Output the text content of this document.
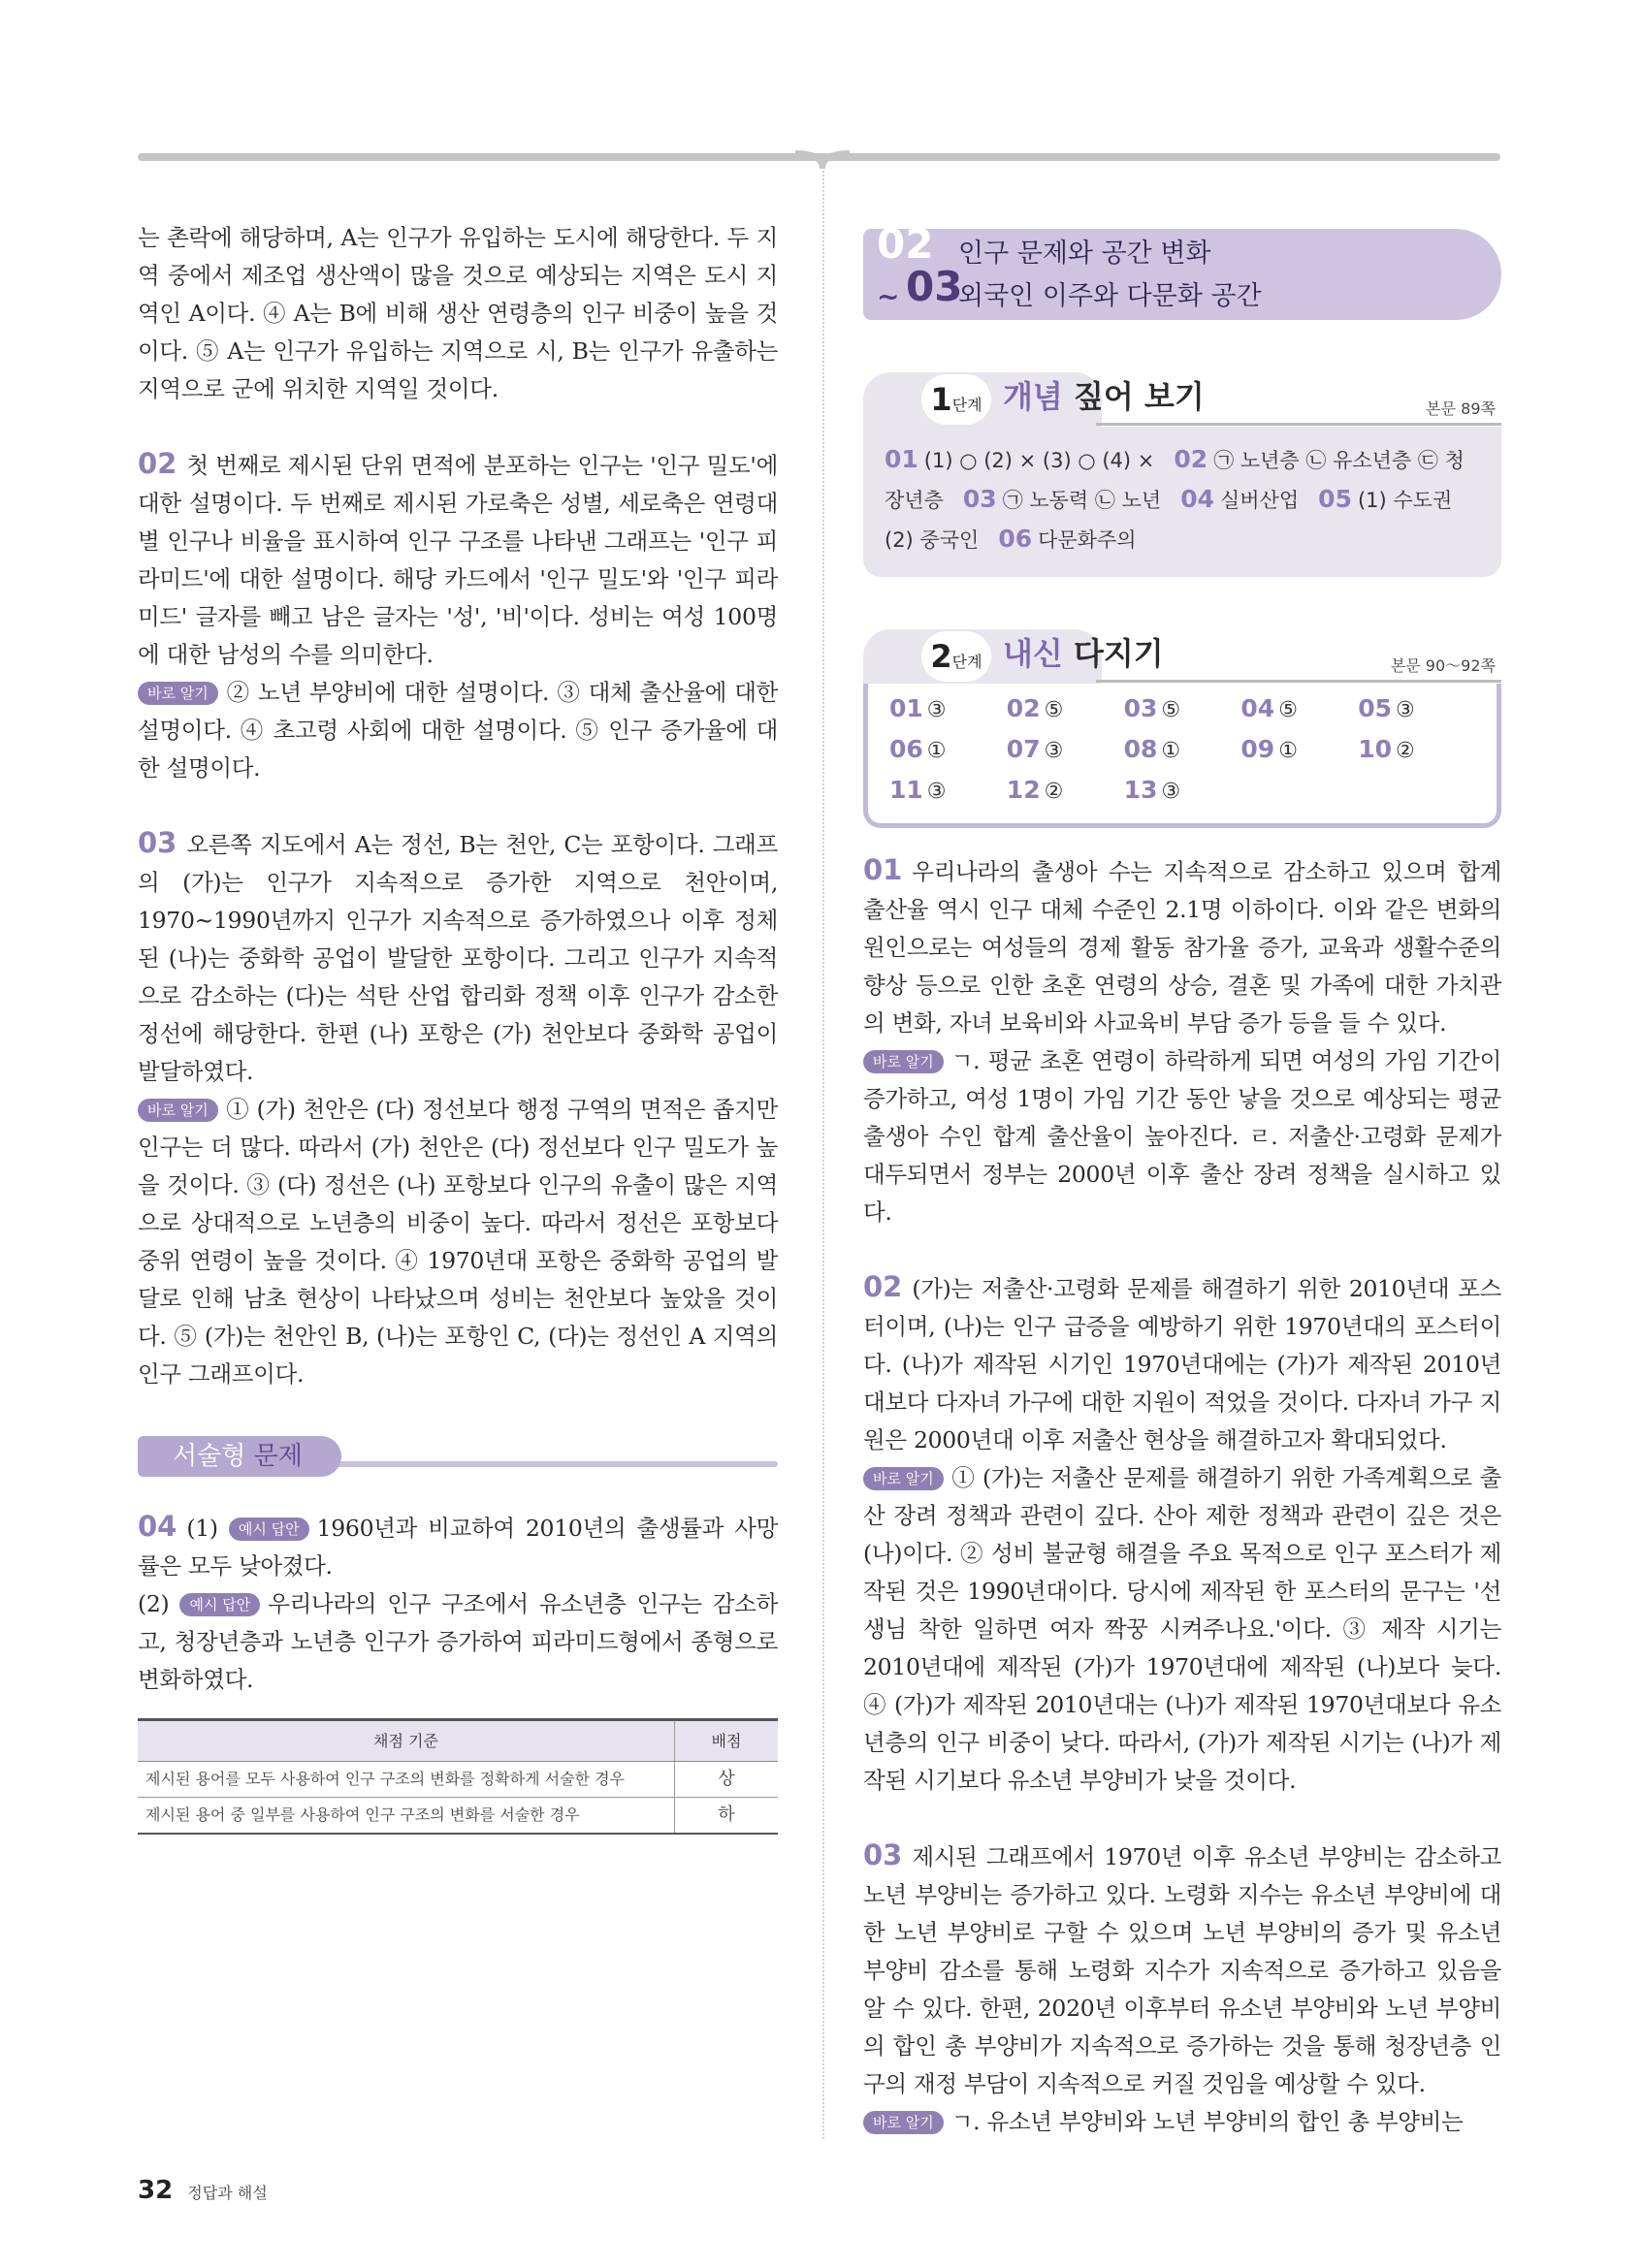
는 촌락에 해당하며, A는 인구가 유입하는 도시에 해당한다. 두 지역 중에서 제조업 생산액이 많을 것으로 예상되는 지역은 도시 지역인 A이다. ④ A는 B에 비해 생산 연령층의 인구 비중이 높을 것이다. ⑤ A는 인구가 유입하는 지역으로 시, B는 인구가 유출하는 지역으로 군에 위치한 지역일 것이다.

02 첫 번째로 제시된 단위 면적에 분포하는 인구는 '인구 밀도'에 대한 설명이다. 두 번째로 제시된 가로축은 성별, 세로축은 연령대별 인구나 비율을 표시하여 인구 구조를 나타낸 그래프는 '인구 피라미드'에 대한 설명이다. 해당 카드에서 '인구 밀도'와 '인구 피라미드' 글자를 빼고 남은 글자는 '성', '비'이다. 성비는 여성 100명에 대한 남성의 수를 의미한다.

바로 알기 ② 노년 부양비에 대한 설명이다. ③ 대체 출산율에 대한 설명이다. ④ 초고령 사회에 대한 설명이다. ⑤ 인구 증가율에 대한 설명이다.

03 오른쪽 지도에서 A는 정선, B는 천안, C는 포항이다. 그래프의 (가)는 인구가 지속적으로 증가한 지역으로 천안이며, 1970~1990년까지 인구가 지속적으로 증가하였으나 이후 정체된 (나)는 중화학 공업이 발달한 포항이다. 그리고 인구가 지속적으로 감소하는 (다)는 석탄 산업 합리화 정책 이후 인구가 감소한 정선에 해당한다. 한편 (나) 포항은 (가) 천안보다 중화학 공업이 발달하였다.

바로 알기 ① (가) 천안은 (다) 정선보다 행정 구역의 면적은 좁지만 인구는 더 많다. 따라서 (가) 천안은 (다) 정선보다 인구 밀도가 높을 것이다. ③ (다) 정선은 (나) 포항보다 인구의 유출이 많은 지역으로 상대적으로 노년층의 비중이 높다. 따라서 정선은 포항보다 중위 연령이 높을 것이다. ④ 1970년대 포항은 중화학 공업의 발달로 인해 남초 현상이 나타났으며 성비는 천안보다 높았을 것이다. ⑤ (가)는 천안인 B, (나)는 포항인 C, (다)는 정선인 A 지역의 인구 그래프이다.

서술형 문제

04 (1) 예시 답안 1960년과 비교하여 2010년의 출생률과 사망률은 모두 낮아졌다.

(2) 예시 답안 우리나라의 인구 구조에서 유소년층 인구는 감소하고, 청장년층과 노년층 인구가 증가하여 피라미드형에서 종형으로 변화하였다.

채점 기준	배점
제시된 용어를 모두 사용하여 인구 구조의 변화를 정확하게 서술한 경우	상
제시된 용어 중 일부를 사용하여 인구 구조의 변화를 서술한 경우	하
02
~ 03
인구 문제와 공간 변화
외국인 이주와 다문화 공간
1단계 개념 짚어 보기	본문 89쪽
01 (1) ○ (2) × (3) ○ (4) × 02 ㉠ 노년층 ㉡ 유소년층 ㉢ 청장년층 03 ㉠ 노동력 ㉡ 노년 04 실버산업 05 (1) 수도권 (2) 중국인 06 다문화주의
2단계 내신 다지기	본문 90～92쪽
01 ③	02 ⑤	03 ⑤	04 ⑤	05 ③
06 ①	07 ③	08 ①	09 ①	10 ②
11 ③	12 ②	13 ③

01 우리나라의 출생아 수는 지속적으로 감소하고 있으며 합계 출산율 역시 인구 대체 수준인 2.1명 이하이다. 이와 같은 변화의 원인으로는 여성들의 경제 활동 참가율 증가, 교육과 생활수준의 향상 등으로 인한 초혼 연령의 상승, 결혼 및 가족에 대한 가치관의 변화, 자녀 보육비와 사교육비 부담 증가 등을 들 수 있다.

바로 알기 ㄱ. 평균 초혼 연령이 하락하게 되면 여성의 가임 기간이 증가하고, 여성 1명이 가임 기간 동안 낳을 것으로 예상되는 평균 출생아 수인 합계 출산율이 높아진다. ㄹ. 저출산·고령화 문제가 대두되면서 정부는 2000년 이후 출산 장려 정책을 실시하고 있다.

02 (가)는 저출산·고령화 문제를 해결하기 위한 2010년대 포스터이며, (나)는 인구 급증을 예방하기 위한 1970년대의 포스터이다. (나)가 제작된 시기인 1970년대에는 (가)가 제작된 2010년대보다 다자녀 가구에 대한 지원이 적었을 것이다. 다자녀 가구 지원은 2000년대 이후 저출산 현상을 해결하고자 확대되었다.

바로 알기 ① (가)는 저출산 문제를 해결하기 위한 가족계획으로 출산 장려 정책과 관련이 깊다. 산아 제한 정책과 관련이 깊은 것은 (나)이다. ② 성비 불균형 해결을 주요 목적으로 인구 포스터가 제작된 것은 1990년대이다. 당시에 제작된 한 포스터의 문구는 '선생님 착한 일하면 여자 짝꿍 시켜주나요.'이다. ③ 제작 시기는 2010년대에 제작된 (가)가 1970년대에 제작된 (나)보다 늦다. ④ (가)가 제작된 2010년대는 (나)가 제작된 1970년대보다 유소년층의 인구 비중이 낮다. 따라서, (가)가 제작된 시기는 (나)가 제작된 시기보다 유소년 부양비가 낮을 것이다.

03 제시된 그래프에서 1970년 이후 유소년 부양비는 감소하고 노년 부양비는 증가하고 있다. 노령화 지수는 유소년 부양비에 대한 노년 부양비로 구할 수 있으며 노년 부양비의 증가 및 유소년 부양비 감소를 통해 노령화 지수가 지속적으로 증가하고 있음을 알 수 있다. 한편, 2020년 이후부터 유소년 부양비와 노년 부양비의 합인 총 부양비가 지속적으로 증가하는 것을 통해 청장년층 인구의 재정 부담이 지속적으로 커질 것임을 예상할 수 있다.

바로 알기 ㄱ. 유소년 부양비와 노년 부양비의 합인 총 부양비는

32 정답과 해설
